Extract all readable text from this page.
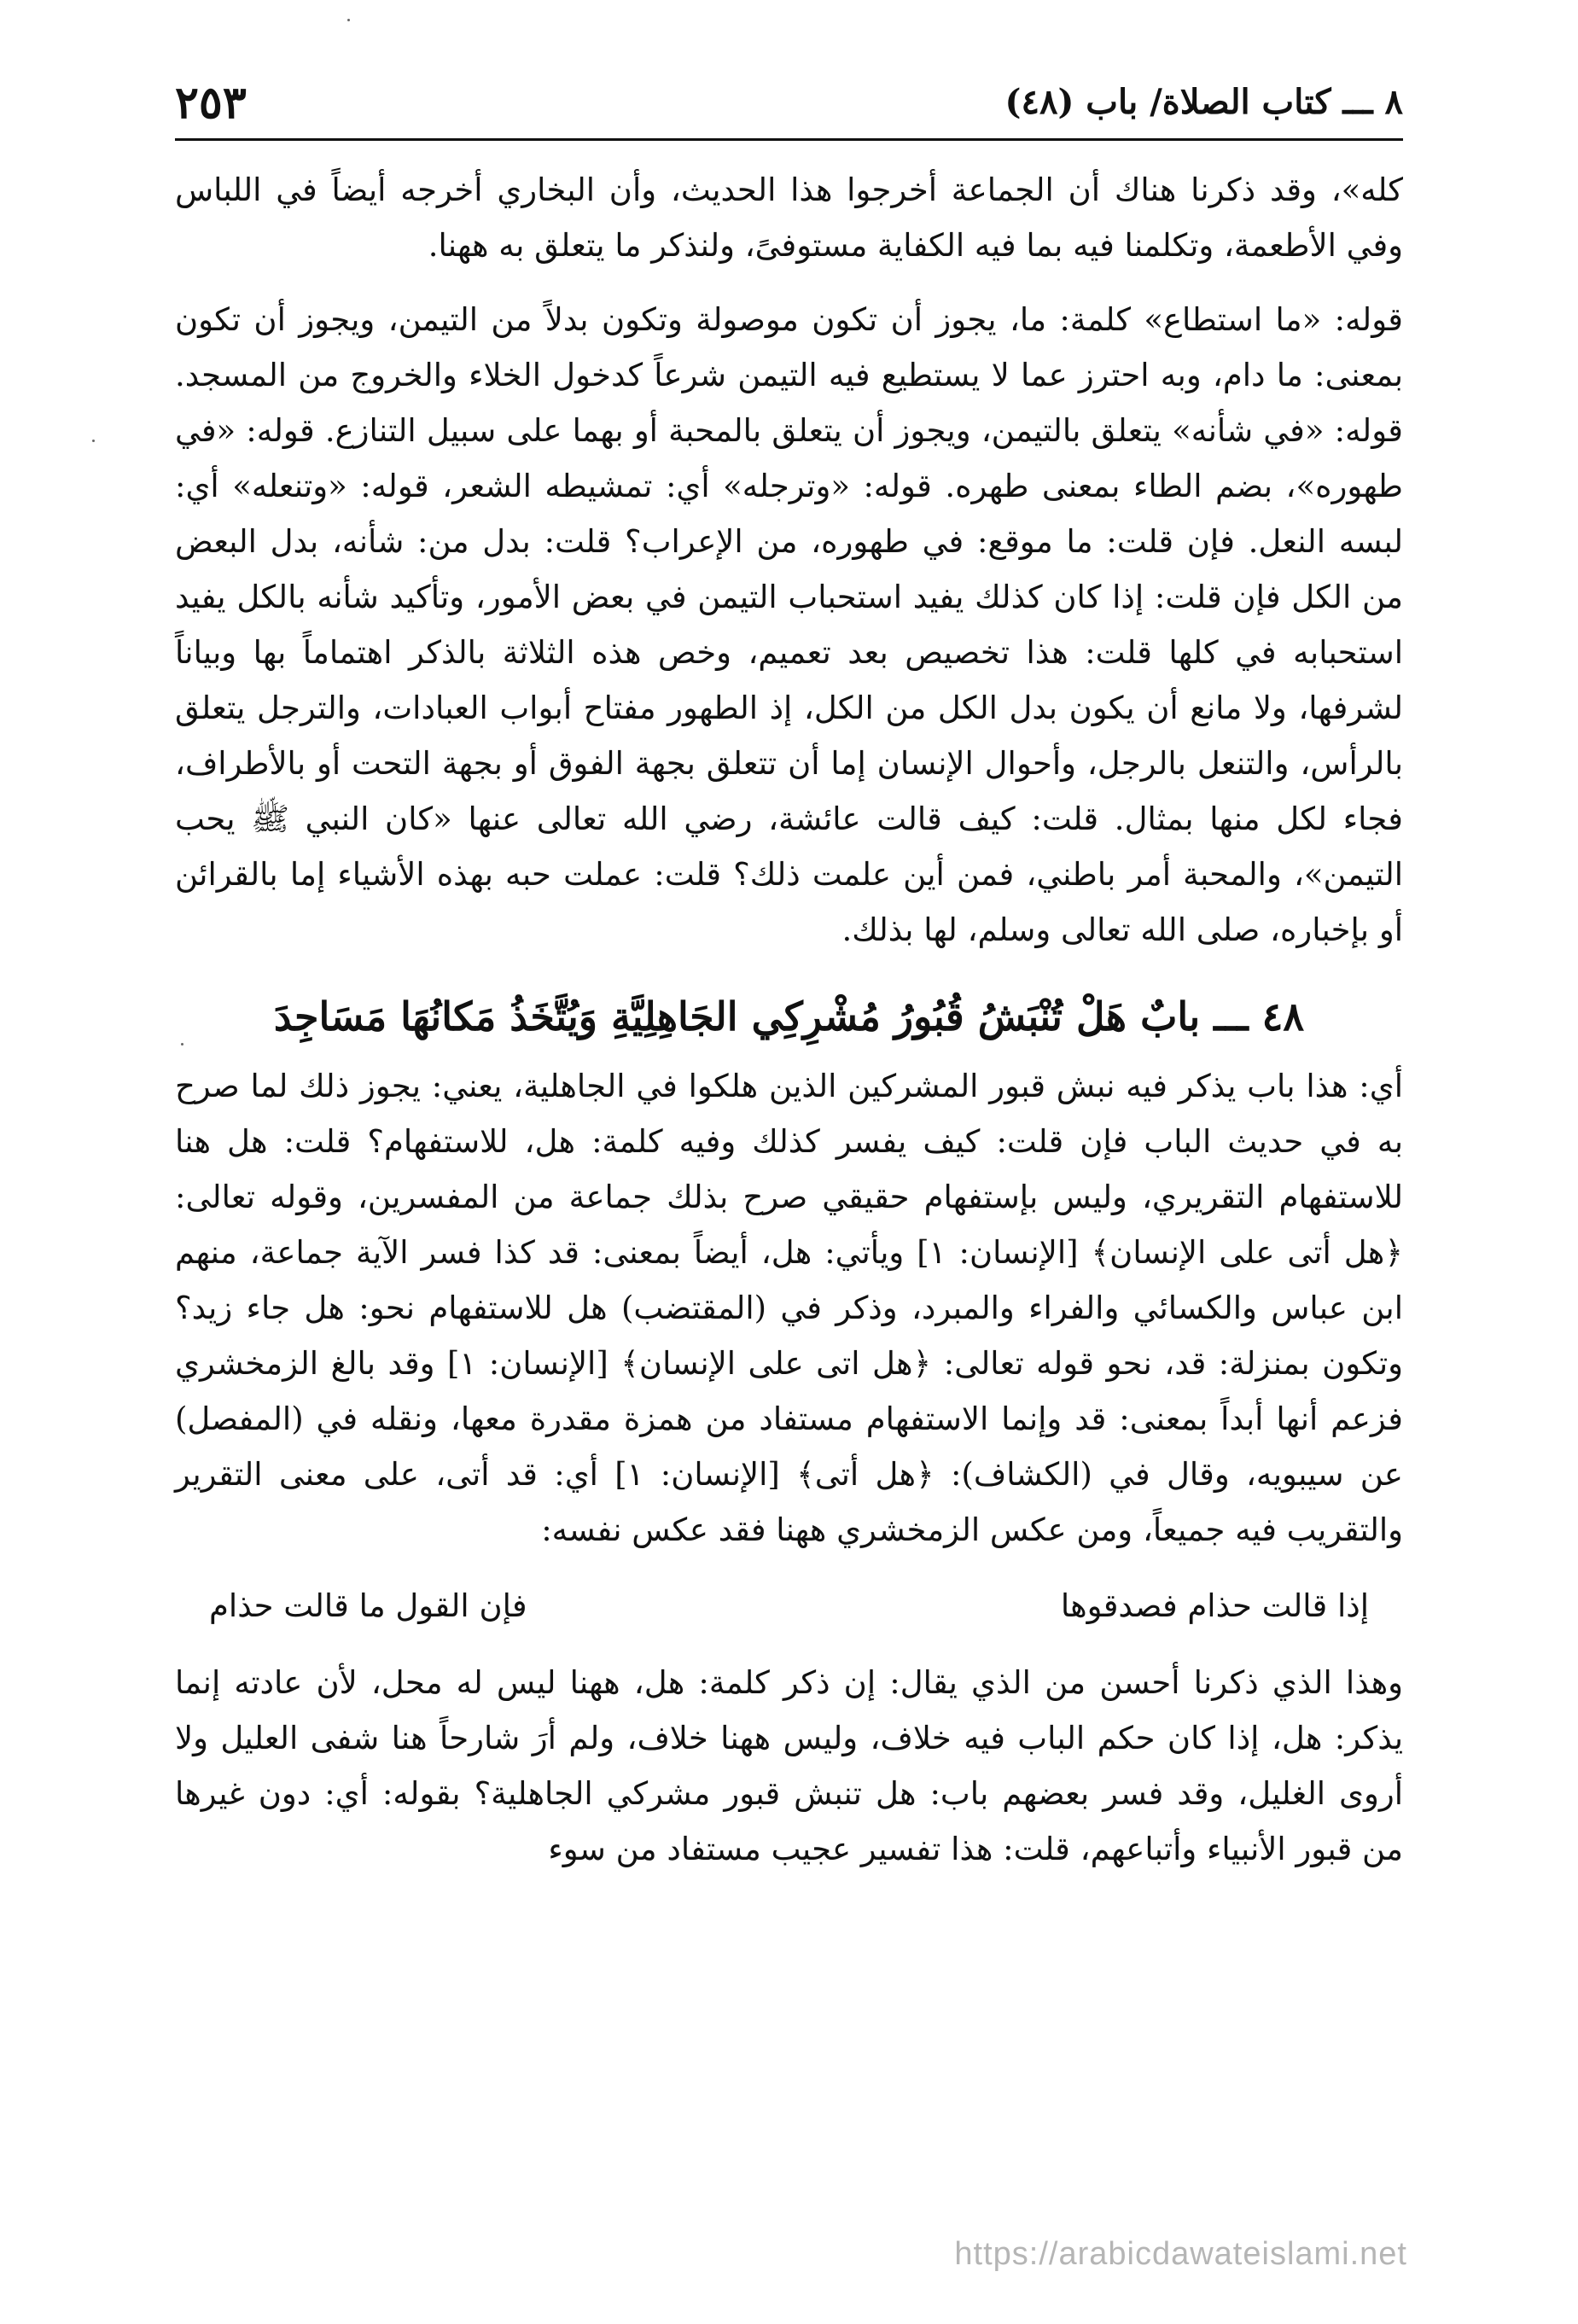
٨ ـــ كتاب الصلاة/ باب (٤٨)
٢٥٣

كله»، وقد ذكرنا هناك أن الجماعة أخرجوا هذا الحديث، وأن البخاري أخرجه أيضاً في اللباس وفي الأطعمة، وتكلمنا فيه بما فيه الكفاية مستوفىً، ولنذكر ما يتعلق به ههنا.

قوله: «ما استطاع» كلمة: ما، يجوز أن تكون موصولة وتكون بدلاً من التيمن، ويجوز أن تكون بمعنى: ما دام، وبه احترز عما لا يستطيع فيه التيمن شرعاً كدخول الخلاء والخروج من المسجد. قوله: «في شأنه» يتعلق بالتيمن، ويجوز أن يتعلق بالمحبة أو بهما على سبيل التنازع. قوله: «في طهوره»، بضم الطاء بمعنى طهره. قوله: «وترجله» أي: تمشيطه الشعر، قوله: «وتنعله» أي: لبسه النعل. فإن قلت: ما موقع: في طهوره، من الإعراب؟ قلت: بدل من: شأنه، بدل البعض من الكل فإن قلت: إذا كان كذلك يفيد استحباب التيمن في بعض الأمور، وتأكيد شأنه بالكل يفيد استحبابه في كلها قلت: هذا تخصيص بعد تعميم، وخص هذه الثلاثة بالذكر اهتماماً بها وبياناً لشرفها، ولا مانع أن يكون بدل الكل من الكل، إذ الطهور مفتاح أبواب العبادات، والترجل يتعلق بالرأس، والتنعل بالرجل، وأحوال الإنسان إما أن تتعلق بجهة الفوق أو بجهة التحت أو بالأطراف، فجاء لكل منها بمثال. قلت: كيف قالت عائشة، رضي الله تعالى عنها «كان النبي ﷺ يحب التيمن»، والمحبة أمر باطني، فمن أين علمت ذلك؟ قلت: عملت حبه بهذه الأشياء إما بالقرائن أو بإخباره، صلى الله تعالى وسلم، لها بذلك.

٤٨ ـــ بابٌ هَلْ تُنْبَشُ قُبُورُ مُشْرِكِي الجَاهِلِيَّةِ وَيُتَّخَذُ مَكانُهَا مَسَاجِدَ

أي: هذا باب يذكر فيه نبش قبور المشركين الذين هلكوا في الجاهلية، يعني: يجوز ذلك لما صرح به في حديث الباب فإن قلت: كيف يفسر كذلك وفيه كلمة: هل، للاستفهام؟ قلت: هل هنا للاستفهام التقريري، وليس بإستفهام حقيقي صرح بذلك جماعة من المفسرين، وقوله تعالى: ﴿هل أتى على الإنسان﴾ [الإنسان: ١] ويأتي: هل، أيضاً بمعنى: قد كذا فسر الآية جماعة، منهم ابن عباس والكسائي والفراء والمبرد، وذكر في (المقتضب) هل للاستفهام نحو: هل جاء زيد؟ وتكون بمنزلة: قد، نحو قوله تعالى: ﴿هل اتى على الإنسان﴾ [الإنسان: ١] وقد بالغ الزمخشري فزعم أنها أبداً بمعنى: قد وإنما الاستفهام مستفاد من همزة مقدرة معها، ونقله في (المفصل) عن سيبويه، وقال في (الكشاف): ﴿هل أتى﴾ [الإنسان: ١] أي: قد أتى، على معنى التقرير والتقريب فيه جميعاً، ومن عكس الزمخشري ههنا فقد عكس نفسه:

إذا قالت حذام فصدقوها
فإن القول ما قالت حذام

وهذا الذي ذكرنا أحسن من الذي يقال: إن ذكر كلمة: هل، ههنا ليس له محل، لأن عادته إنما يذكر: هل، إذا كان حكم الباب فيه خلاف، وليس ههنا خلاف، ولم أرَ شارحاً هنا شفى العليل ولا أروى الغليل، وقد فسر بعضهم باب: هل تنبش قبور مشركي الجاهلية؟ بقوله: أي: دون غيرها من قبور الأنبياء وأتباعهم، قلت: هذا تفسير عجيب مستفاد من سوء

https://arabicdawateislami.net
